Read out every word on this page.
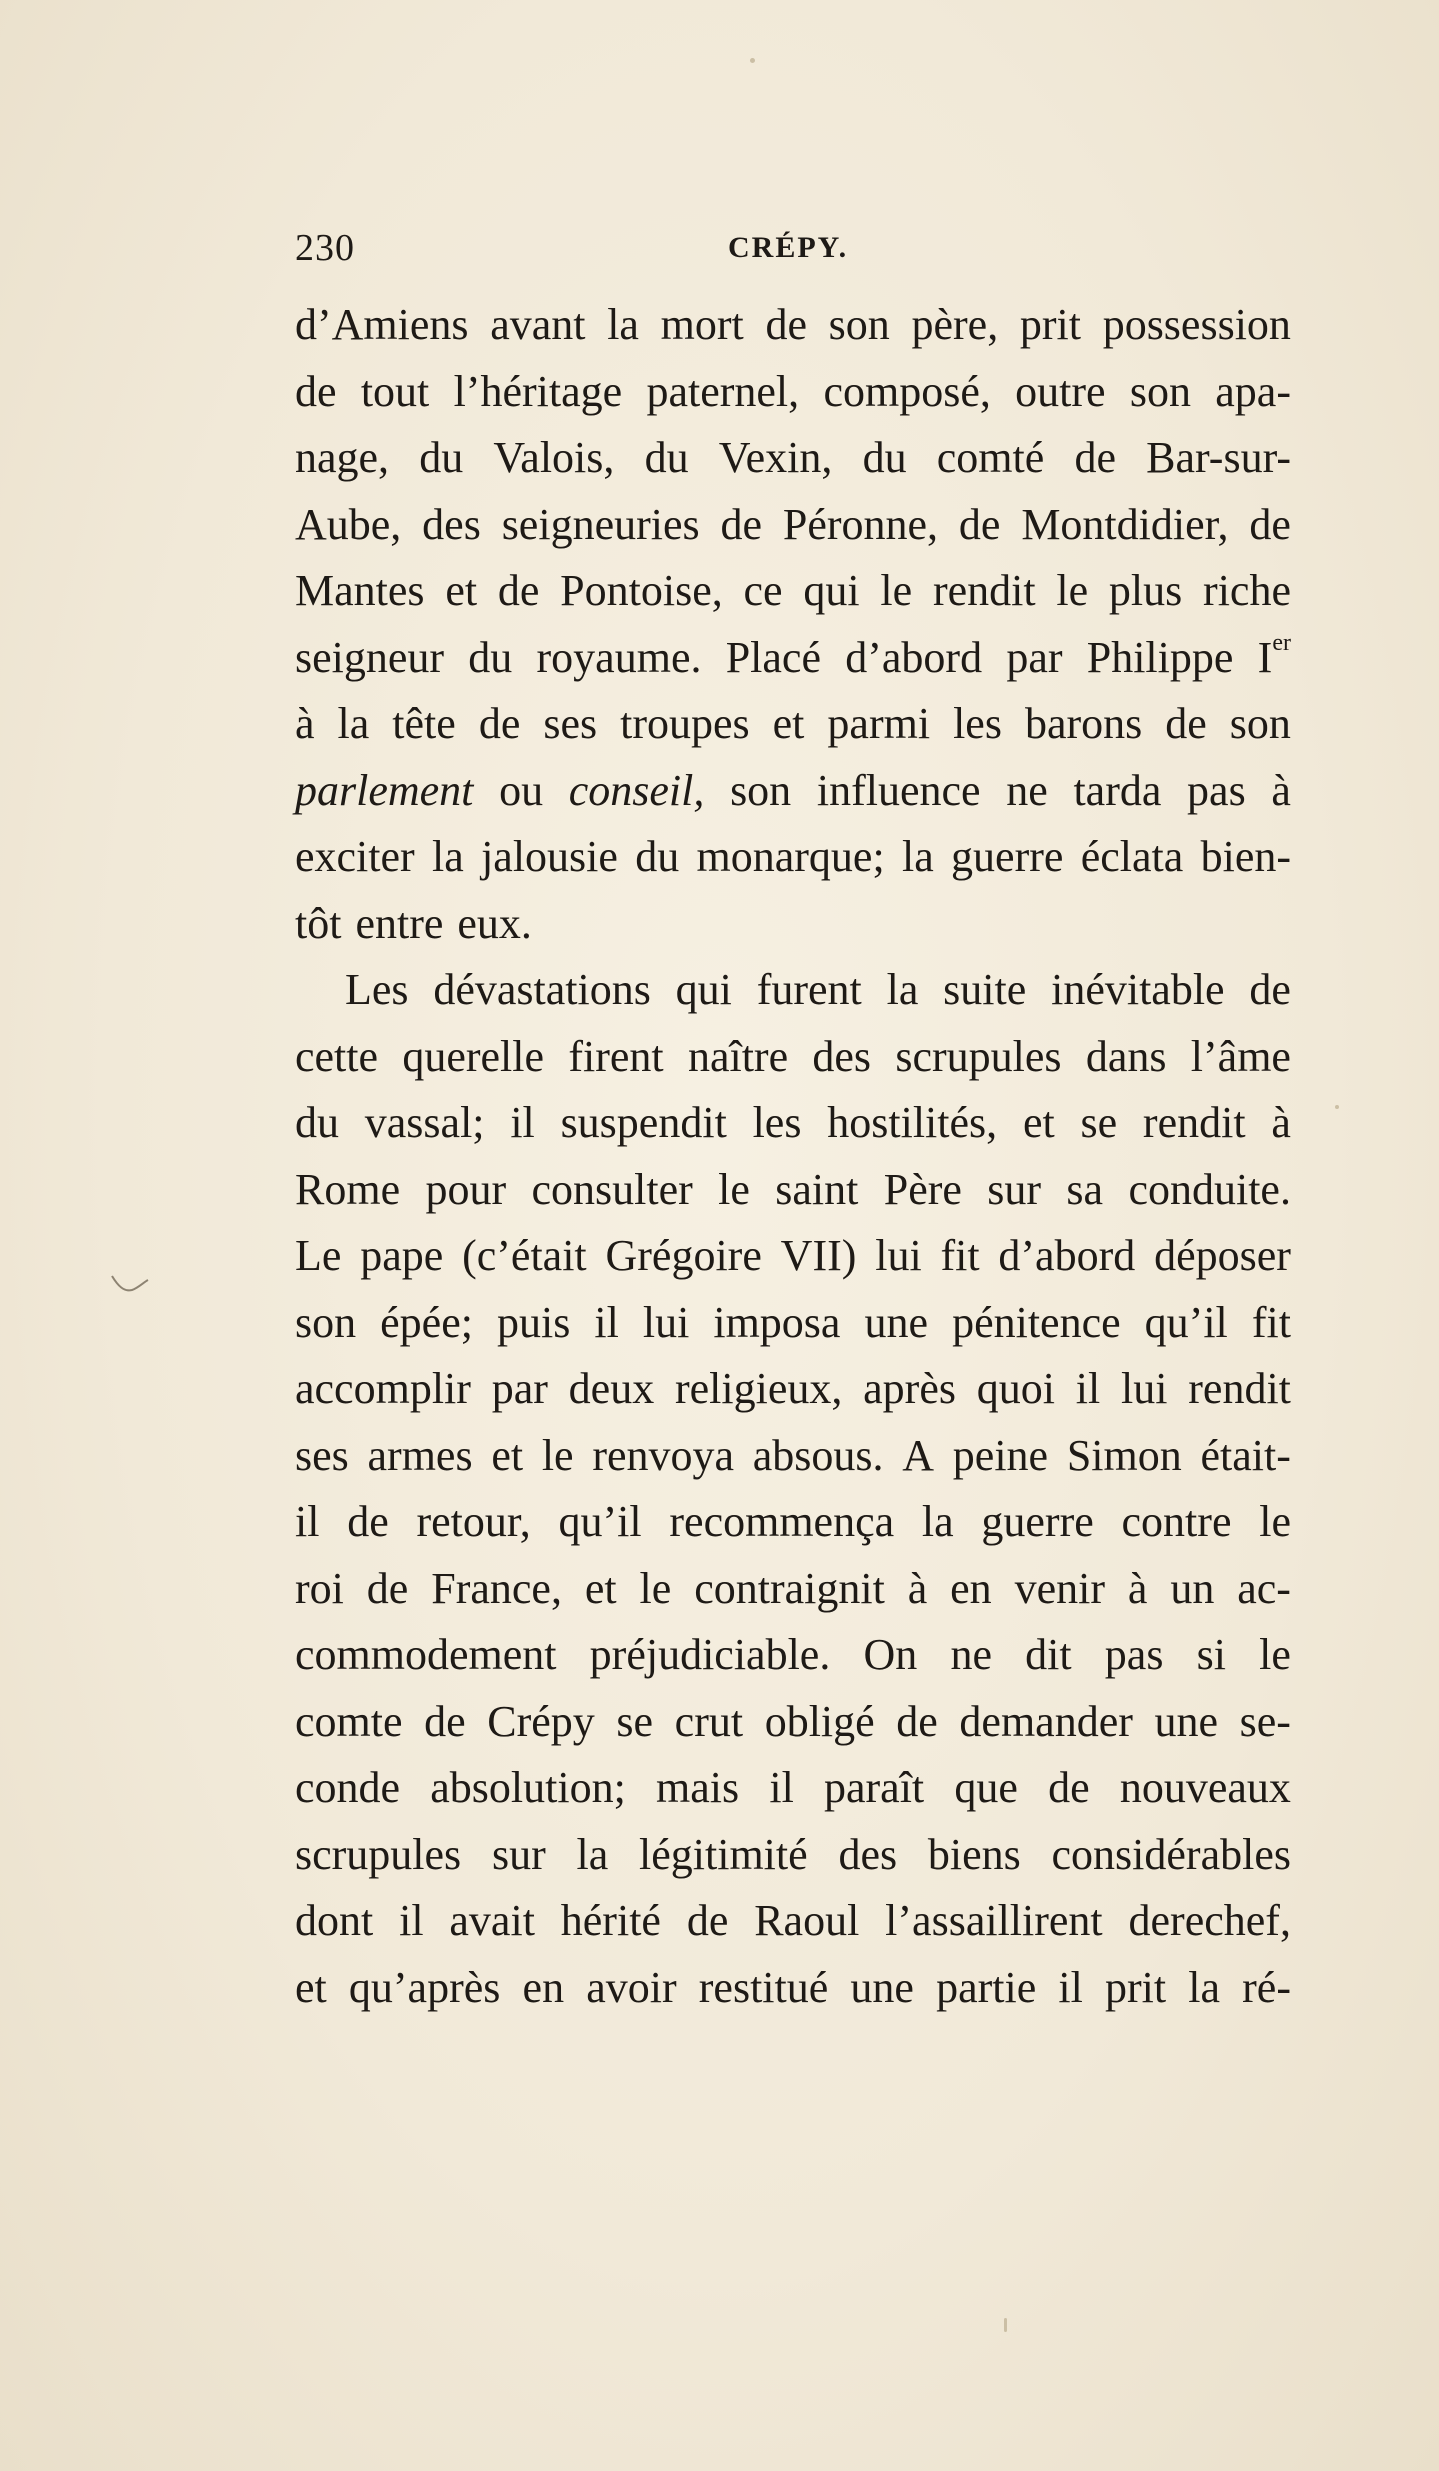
230	CRÉPY.
d’Amiens avant la mort de son père, prit possession
de tout l’héritage paternel, composé, outre son apa-
nage, du Valois, du Vexin, du comté de Bar-sur-
Aube, des seigneuries de Péronne, de Montdidier, de
Mantes et de Pontoise, ce qui le rendit le plus riche
seigneur du royaume. Placé d’abord par Philippe Ier
à la tête de ses troupes et parmi les barons de son
parlement ou conseil, son influence ne tarda pas à
exciter la jalousie du monarque; la guerre éclata bien-
tôt entre eux.
Les dévastations qui furent la suite inévitable de
cette querelle firent naître des scrupules dans l’âme
du vassal; il suspendit les hostilités, et se rendit à
Rome pour consulter le saint Père sur sa conduite.
Le pape (c’était Grégoire VII) lui fit d’abord déposer
son épée; puis il lui imposa une pénitence qu’il fit
accomplir par deux religieux, après quoi il lui rendit
ses armes et le renvoya absous. A peine Simon était-
il de retour, qu’il recommença la guerre contre le
roi de France, et le contraignit à en venir à un ac-
commodement préjudiciable. On ne dit pas si le
comte de Crépy se crut obligé de demander une se-
conde absolution; mais il paraît que de nouveaux
scrupules sur la légitimité des biens considérables
dont il avait hérité de Raoul l’assaillirent derechef,
et qu’après en avoir restitué une partie il prit la ré-
